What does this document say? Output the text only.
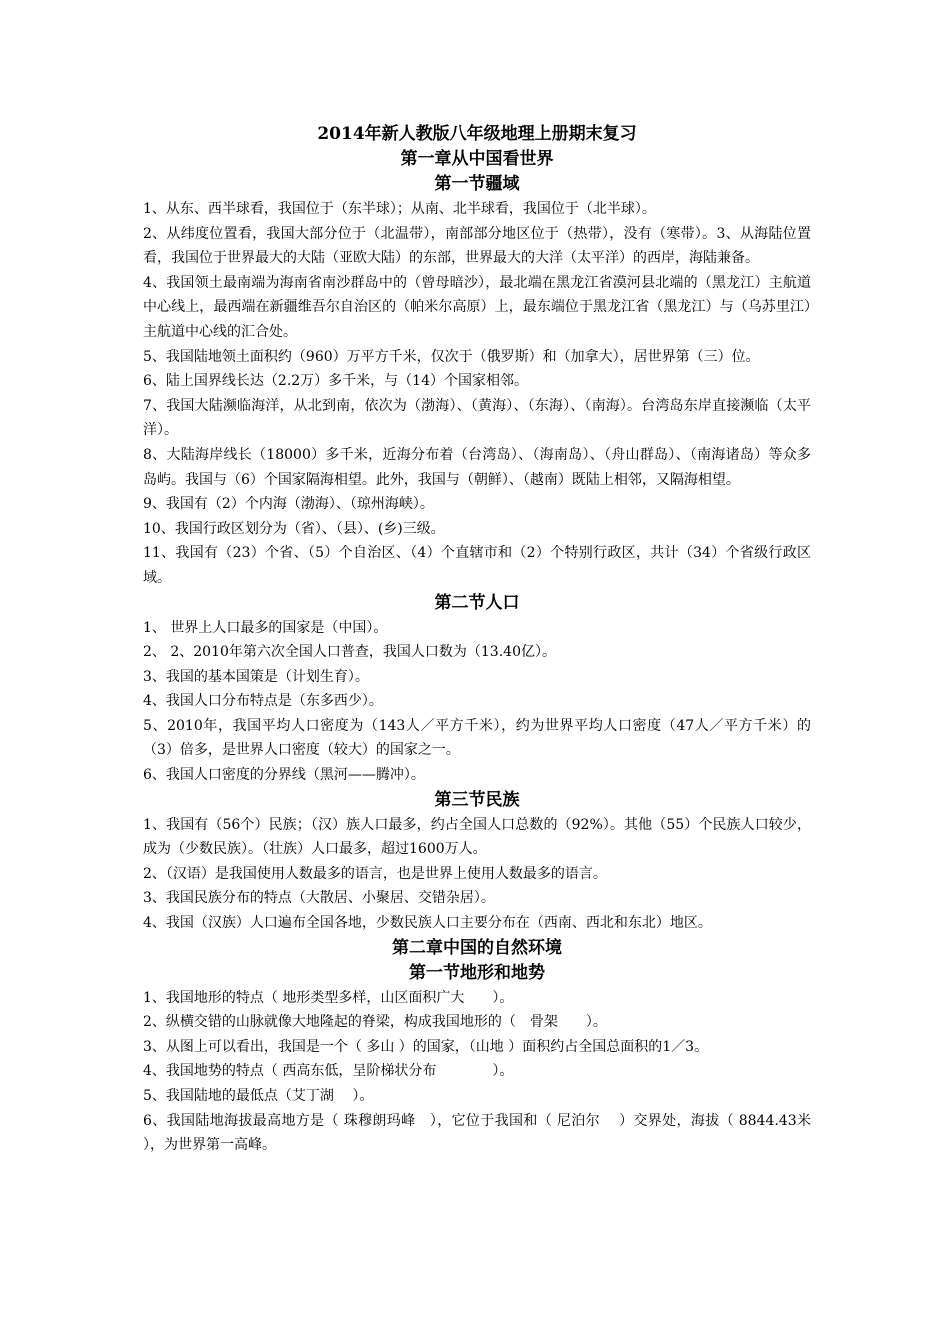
2014年新人教版八年级地理上册期末复习
第一章从中国看世界
第一节疆域

1、从东、西半球看，我国位于（东半球）；从南、北半球看，我国位于（北半球）。

2、从纬度位置看，我国大部分位于（北温带），南部部分地区位于（热带），没有（寒带）。3、从海陆位置看，我国位于世界最大的大陆（亚欧大陆）的东部，世界最大的大洋（太平洋）的西岸，海陆兼备。

4、我国领土最南端为海南省南沙群岛中的（曾母暗沙），最北端在黑龙江省漠河县北端的（黑龙江）主航道中心线上，最西端在新疆维吾尔自治区的（帕米尔高原）上，最东端位于黑龙江省（黑龙江）与（乌苏里江）主航道中心线的汇合处。

5、我国陆地领土面积约（960）万平方千米，仅次于（俄罗斯）和（加拿大），居世界第（三）位。

6、陆上国界线长达（2.2万）多千米，与（14）个国家相邻。

7、我国大陆濒临海洋，从北到南，依次为（渤海）、（黄海）、（东海）、（南海）。台湾岛东岸直接濒临（太平洋）。

8、大陆海岸线长（18000）多千米，近海分布着（台湾岛）、（海南岛）、（舟山群岛）、（南海诸岛）等众多岛屿。我国与（6）个国家隔海相望。此外，我国与（朝鲜）、（越南）既陆上相邻，又隔海相望。

9、我国有（2）个内海（渤海）、（琼州海峡）。

10、我国行政区划分为（省）、（县）、(乡)三级。

11、我国有（23）个省、（5）个自治区、（4）个直辖市和（2）个特别行政区，共计（34）个省级行政区域。

第二节人口

1、 世界上人口最多的国家是（中国）。

2、 2、2010年第六次全国人口普查，我国人口数为（13.40亿）。

3、我国的基本国策是（计划生育）。

4、我国人口分布特点是（东多西少）。

5、2010年，我国平均人口密度为（143人／平方千米），约为世界平均人口密度（47人／平方千米）的（3）倍多，是世界人口密度（较大）的国家之一。

6、我国人口密度的分界线（黑河——腾冲）。

第三节民族

1、我国有（56个）民族；（汉）族人口最多，约占全国人口总数的（92%）。其他（55）个民族人口较少，成为（少数民族）。（壮族）人口最多，超过1600万人。

2、（汉语）是我国使用人数最多的语言，也是世界上使用人数最多的语言。

3、我国民族分布的特点（大散居、小聚居、交错杂居）。

4、我国（汉族）人口遍布全国各地，少数民族人口主要分布在（西南、西北和东北）地区。

第二章中国的自然环境
第一节地形和地势

1、我国地形的特点（ 地形类型多样，山区面积广大　　）。

2、纵横交错的山脉就像大地隆起的脊梁，构成我国地形的（　骨架　　）。

3、从图上可以看出，我国是一个（ 多山 ）的国家，（山地 ）面积约占全国总面积的1／3。

4、我国地势的特点（ 西高东低，呈阶梯状分布　　　　）。

5、我国陆地的最低点（艾丁湖　 ）。

6、我国陆地海拔最高地方是（ 珠穆朗玛峰　），它位于我国和（ 尼泊尔　 ）交界处，海拔（ 8844.43米　　　　），为世界第一高峰。
